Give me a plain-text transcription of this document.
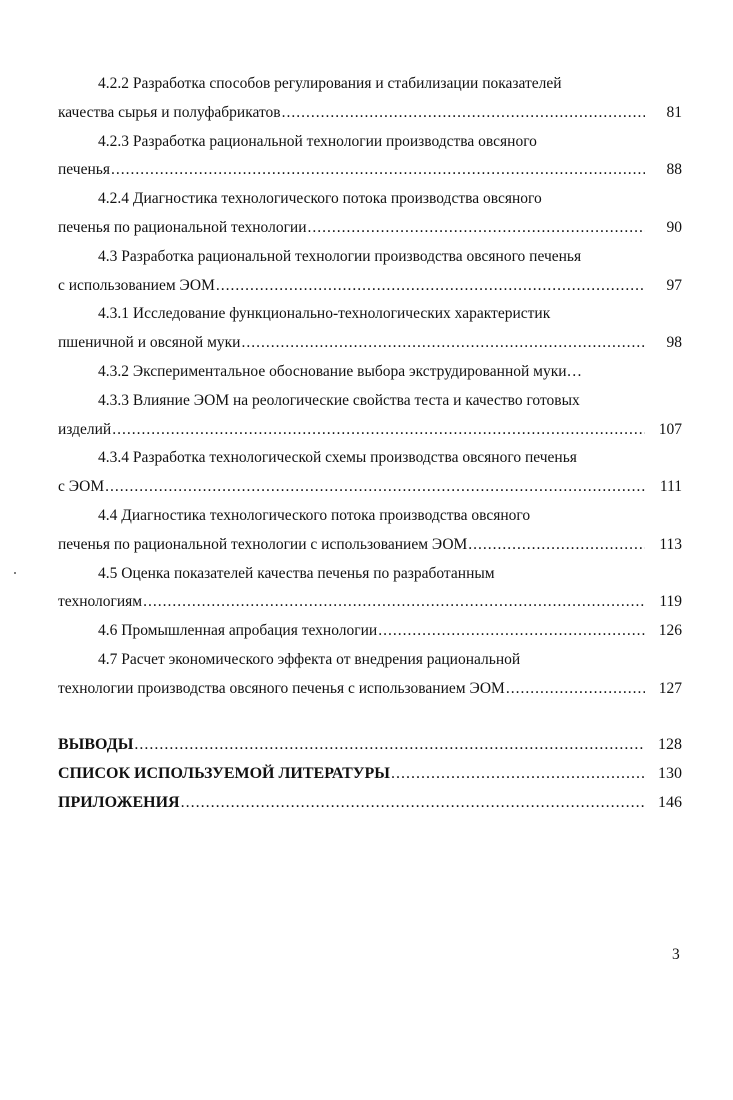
4.2.2 Разработка способов регулирования и стабилизации показателей
качества сырья и полуфабрикатов .....	81
4.2.3 Разработка рациональной технологии производства овсяного
печенья .....	88
4.2.4 Диагностика технологического потока производства овсяного
печенья по рациональной технологии .....	90
4.3 Разработка рациональной технологии производства овсяного печенья
с использованием ЭОМ .....	97
4.3.1 Исследование функционально-технологических характеристик
пшеничной и овсяной муки .....	98
4.3.2 Экспериментальное обоснование выбора экструдированной муки…
4.3.3 Влияние ЭОМ на реологические свойства теста и качество готовых
изделий .....	107
4.3.4 Разработка технологической схемы производства овсяного печенья
с ЭОМ .....	111
4.4 Диагностика технологического потока производства овсяного
печенья по рациональной технологии с использованием ЭОМ .....	113
4.5 Оценка показателей качества печенья по разработанным
технологиям .....	119
4.6 Промышленная апробация технологии .....	126
4.7 Расчет экономического эффекта от внедрения рациональной
технологии производства овсяного печенья с использованием ЭОМ .....	127
ВЫВОДЫ .....	128
СПИСОК ИСПОЛЬЗУЕМОЙ ЛИТЕРАТУРЫ .....	130
ПРИЛОЖЕНИЯ .....	146
3
